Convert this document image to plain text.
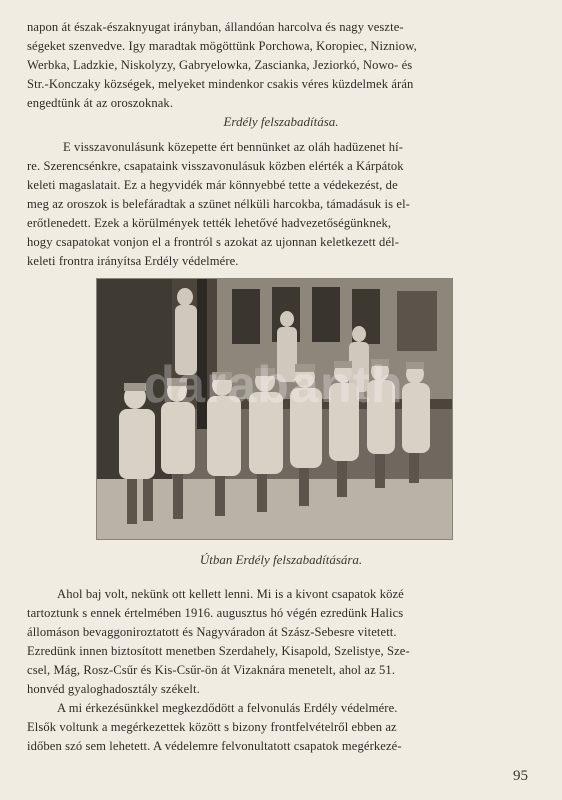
napon át észak-északnyugat irányban, állandóan harcolva és nagy veszte-
ségeket szenvedve. Igy maradtak mögöttünk Porchowa, Koropiec, Nizniow,
Werbka, Ladzkie, Niskolyzy, Gabryelowka, Zascianka, Jeziorkó, Nowo- és
Str.-Konczaky községek, melyeket mindenkor csakis véres küzdelmek árán
engedtünk át az oroszoknak.

Erdély felszabadítása.

E visszavonulásunk közepette ért bennünket az oláh hadüzenet hí-
re. Szerencsénkre, csapataink visszavonulásuk közben elérték a Kárpátok
keleti magaslatait. Ez a hegyvidék már könnyebbé tette a védekezést, de
meg az oroszok is belefáradtak a szünet nélküli harcokba, támadásuk is el-
erőtlenedett. Ezek a körülmények tették lehetővé hadvezetőségünknek,
hogy csapatokat vonjon el a frontról s azokat az ujonnan keletkezett dél-
keleti frontra irányítsa Erdély védelmére.
darabanth

Útban Erdély felszabadítására.

Ahol baj volt, nekünk ott kellett lenni. Mi is a kivont csapatok közé
tartoztunk s ennek értelmében 1916. augusztus hó végén ezredünk Halics
állomáson bevaggoniroztatott és Nagyváradon át Szász-Sebesre vitetett.
Ezredünk innen biztosított menetben Szerdahely, Kisapold, Szelistye, Sze-
csel, Mág, Rosz-Csűr és Kis-Csűr-ön át Vizaknára menetelt, ahol az 51.
honvéd gyaloghadosztály székelt.
A mi érkezésünkkel megkezdődött a felvonulás Erdély védelmére.
Elsők voltunk a megérkezettek között s bizony frontfelvételről ebben az
időben szó sem lehetett. A védelemre felvonultatott csapatok megérkezé-

95
